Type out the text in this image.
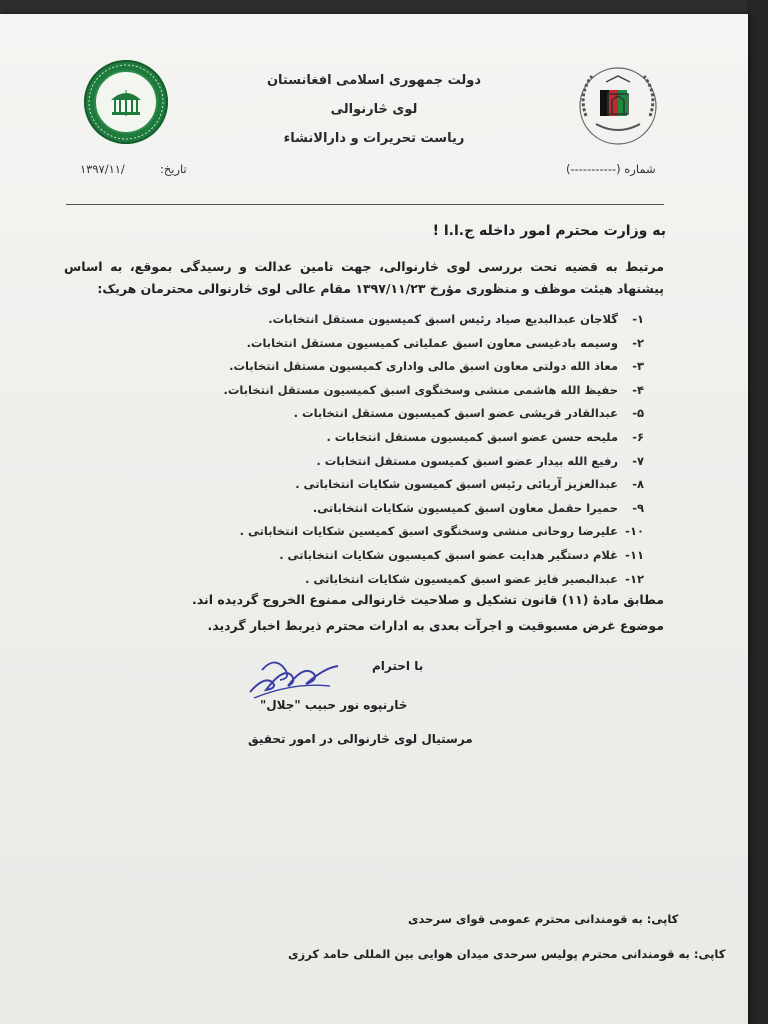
دولت جمهوری اسلامی افغانستان
لوی څارنوالی
ریاست تحریرات و دارالانشاء
شماره (-----------)
تاریخ:
۱۳۹۷/۱۱/
به وزارت محترم امور داخله ج.ا.ا !
مرتبط به قضیه تحت بررسی لوی څارنوالی، جهت تامین عدالت و رسیدگی بموقع، به اساس پیشنهاد هیئت موظف و منظوری مؤرخ ۱۳۹۷/۱۱/۲۳ مقام عالی لوی څارنوالی محترمان هریک:
۱- گلاجان عبدالبدیع صیاد رئیس اسبق کمیسیون مستقل انتخابات.
۲- وسیمه بادغیسی معاون اسبق عملیاتی کمیسیون مستقل انتخابات.
۳- معاذ الله دولتی معاون اسبق مالی واداری کمیسیون مستقل انتخابات.
۴- حفیظ الله هاشمی منشی وسخنگوی اسبق کمیسیون مستقل انتخابات.
۵- عبدالقادر قریشی عضو اسبق کمیسیون مستقل انتخابات .
۶- ملیحه حسن عضو اسبق کمیسیون مستقل انتخابات .
۷- رفیع الله بیدار عضو اسبق کمیسون مستقل انتخابات .
۸- عبدالعزیز آریائی رئیس اسبق کمیسون شکایات انتخاباتی .
۹- حمیرا حقمل معاون اسبق کمیسیون شکایات انتخاباتی.
۱۰- علیرضا روحانی منشی وسخنگوی اسبق کمیسین شکایات انتخاباتی .
۱۱- غلام دستگیر هدایت عضو اسبق کمیسیون شکایات انتخاباتی .
۱۲- عبدالبصیر فایز عضو اسبق کمیسیون شکایات انتخاباتی .
مطابق مادهٔ (۱۱) قانون تشکیل و صلاحیت څارنوالی ممنوع الخروج گردیده اند.
موضوع غرض مسبوقیت و اجرآت بعدی به ادارات محترم ذیربط اخبار گردید.
با احترام
څارنپوه نور حبیب "جلال"
مرستیال لوی څارنوالی در امور تحقیق
کاپی: به قومندانی محترم عمومی قوای سرحدی
کاپی: به قومندانی محترم پولیس سرحدی میدان هوایی بین المللی حامد کرزی
